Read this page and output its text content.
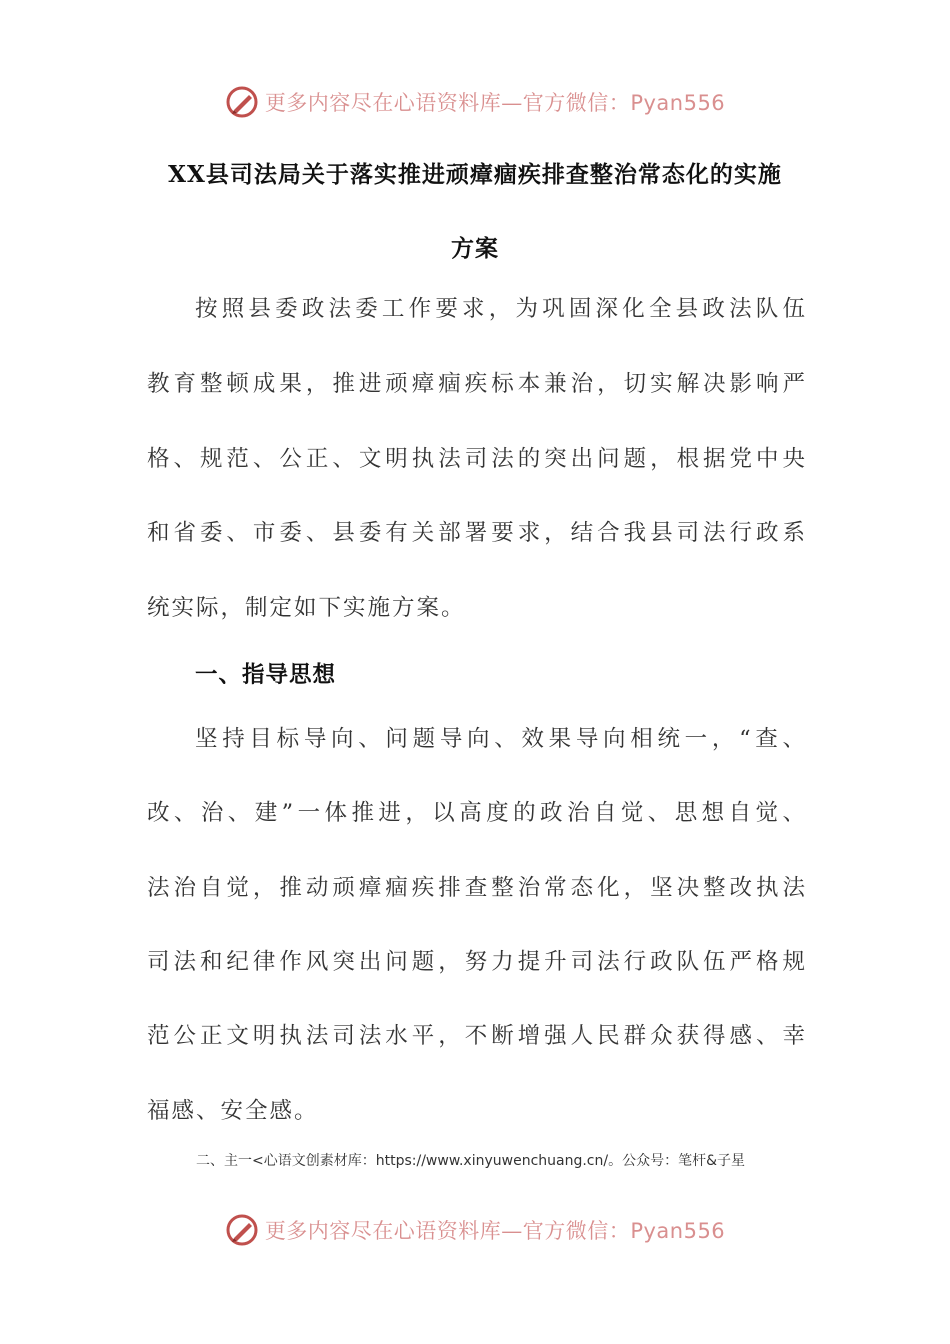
更多内容尽在心语资料库—官方微信：Pyan556
XX县司法局关于落实推进顽瘴痼疾排查整治常态化的实施
方案
按照县委政法委工作要求，为巩固深化全县政法队伍
教育整顿成果，推进顽瘴痼疾标本兼治，切实解决影响严
格、规范、公正、文明执法司法的突出问题，根据党中央
和省委、市委、县委有关部署要求，结合我县司法行政系
统实际，制定如下实施方案。
一、指导思想
坚持目标导向、问题导向、效果导向相统一，“查、
改、治、建”一体推进，以高度的政治自觉、思想自觉、
法治自觉，推动顽瘴痼疾排查整治常态化，坚决整改执法
司法和纪律作风突出问题，努力提升司法行政队伍严格规
范公正文明执法司法水平，不断增强人民群众获得感、幸
福感、安全感。
二、主一<心语文创素材库：https://www.xinyuwenchuang.cn/。公众号：笔杆&子星
更多内容尽在心语资料库—官方微信：Pyan556
